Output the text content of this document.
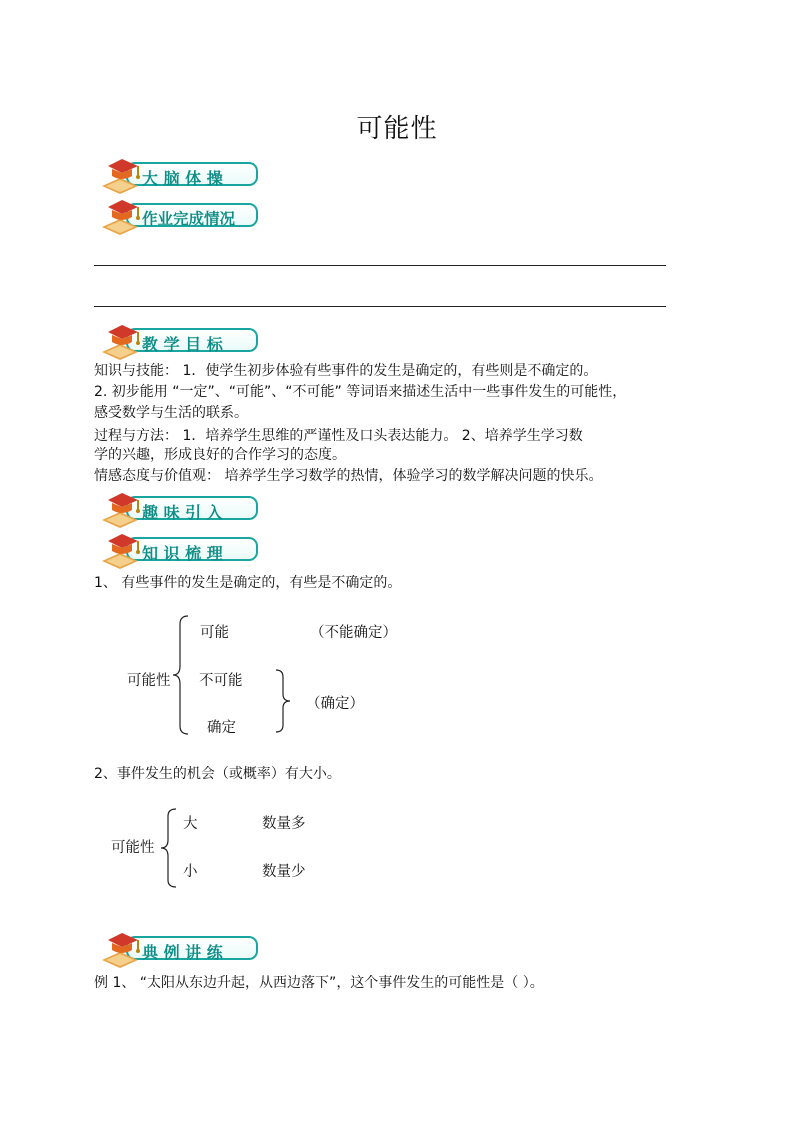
可能性
大 脑 体 操
作业完成情况
教 学 目 标
知识与技能： 1．使学生初步体验有些事件的发生是确定的，有些则是不确定的。
2. 初步能用 “一定”、“可能”、“不可能” 等词语来描述生活中一些事件发生的可能性，
感受数学与生活的联系。
过程与方法： 1．培养学生思维的严谨性及口头表达能力。 2、培养学生学习数
学的兴趣，形成良好的合作学习的态度。
情感态度与价值观： 培养学生学习数学的热情，体验学习的数学解决问题的快乐。
趣 味 引 入
知 识 梳 理
1、 有些事件的发生是确定的，有些是不确定的。
可能性
可能	（不能确定）
不可能
确定
（确定）
2、事件发生的机会（或概率）有大小。
可能性
大	数量多
小	数量少
典 例 讲 练
例 1、 “太阳从东边升起，从西边落下”，这个事件发生的可能性是（ ）。
